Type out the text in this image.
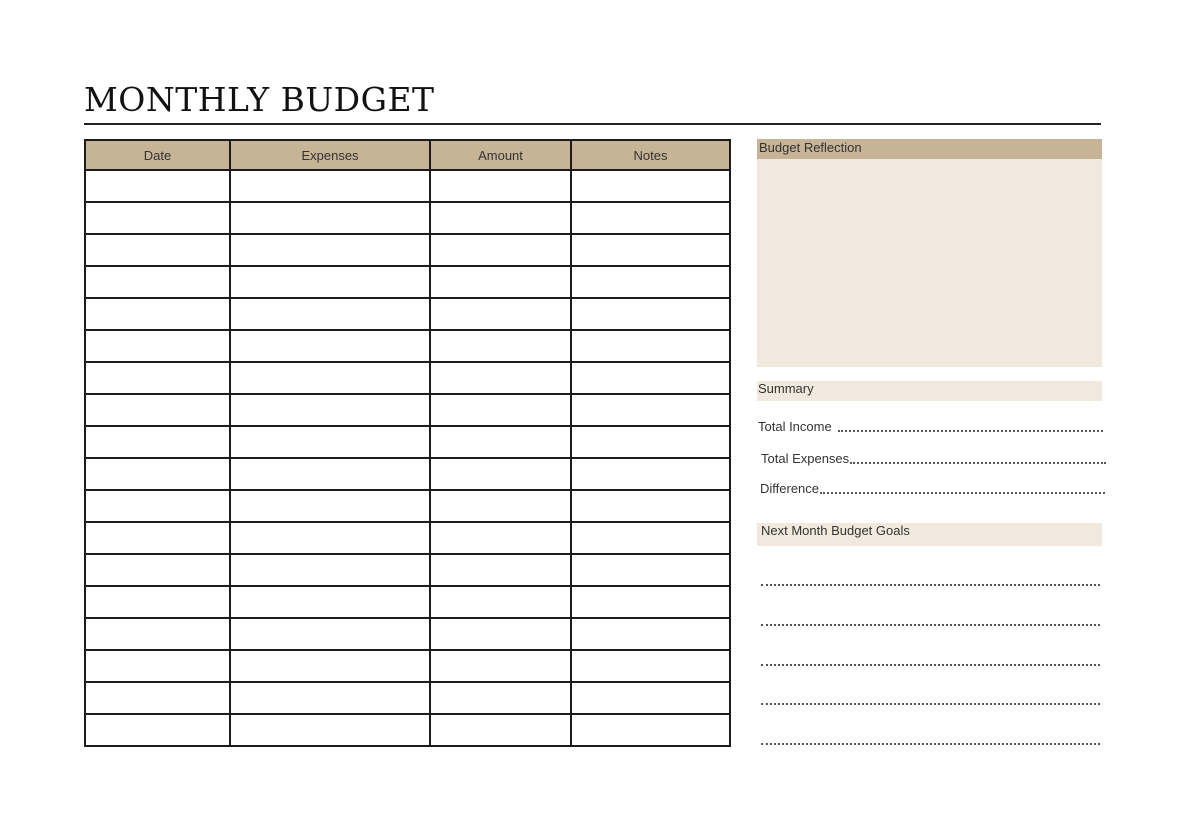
MONTHLY BUDGET
Date	Expenses	Amount	Notes

				Budget Reflection
Summary
Total Income
Total Expenses
Difference
Next Month Budget Goals
